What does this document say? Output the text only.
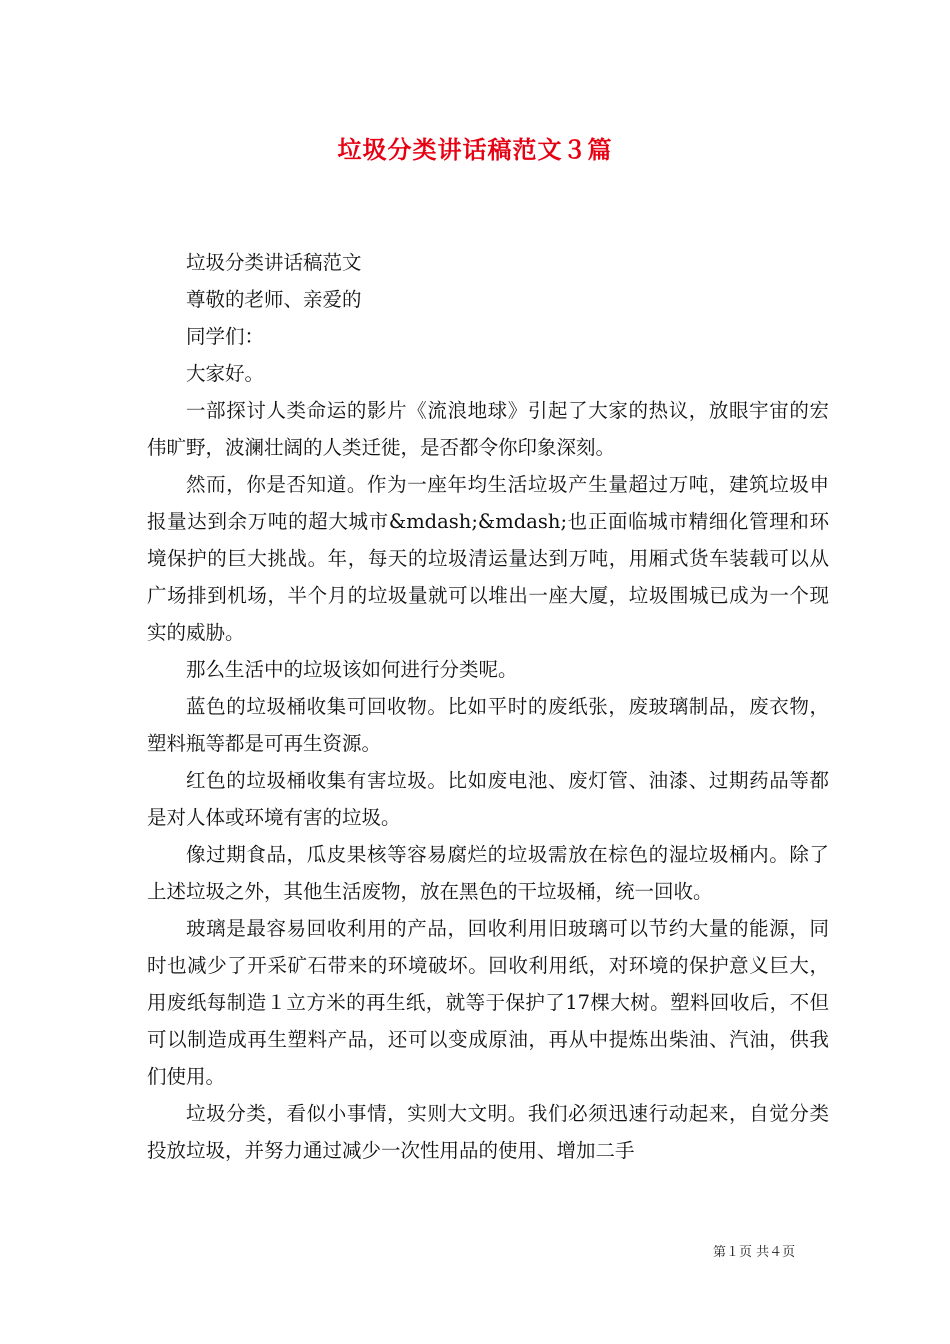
垃圾分类讲话稿范文３篇

垃圾分类讲话稿范文

尊敬的老师、亲爱的

同学们：

大家好。

一部探讨人类命运的影片《流浪地球》引起了大家的热议，放眼宇宙的宏伟旷野，波澜壮阔的人类迁徙，是否都令你印象深刻。

然而，你是否知道。作为一座年均生活垃圾产生量超过万吨，建筑垃圾申报量达到余万吨的超大城市&mdash;&mdash;也正面临城市精细化管理和环境保护的巨大挑战。年，每天的垃圾清运量达到万吨，用厢式货车装载可以从广场排到机场，半个月的垃圾量就可以堆出一座大厦，垃圾围城已成为一个现实的威胁。

那么生活中的垃圾该如何进行分类呢。

蓝色的垃圾桶收集可回收物。比如平时的废纸张，废玻璃制品，废衣物，塑料瓶等都是可再生资源。

红色的垃圾桶收集有害垃圾。比如废电池、废灯管、油漆、过期药品等都是对人体或环境有害的垃圾。

像过期食品，瓜皮果核等容易腐烂的垃圾需放在棕色的湿垃圾桶内。除了上述垃圾之外，其他生活废物，放在黑色的干垃圾桶，统一回收。

玻璃是最容易回收利用的产品，回收利用旧玻璃可以节约大量的能源，同时也减少了开采矿石带来的环境破坏。回收利用纸，对环境的保护意义巨大，用废纸每制造１立方米的再生纸，就等于保护了17棵大树。塑料回收后，不但可以制造成再生塑料产品，还可以变成原油，再从中提炼出柴油、汽油，供我们使用。

垃圾分类，看似小事情，实则大文明。我们必须迅速行动起来，自觉分类投放垃圾，并努力通过减少一次性用品的使用、增加二手

第１页 共４页
